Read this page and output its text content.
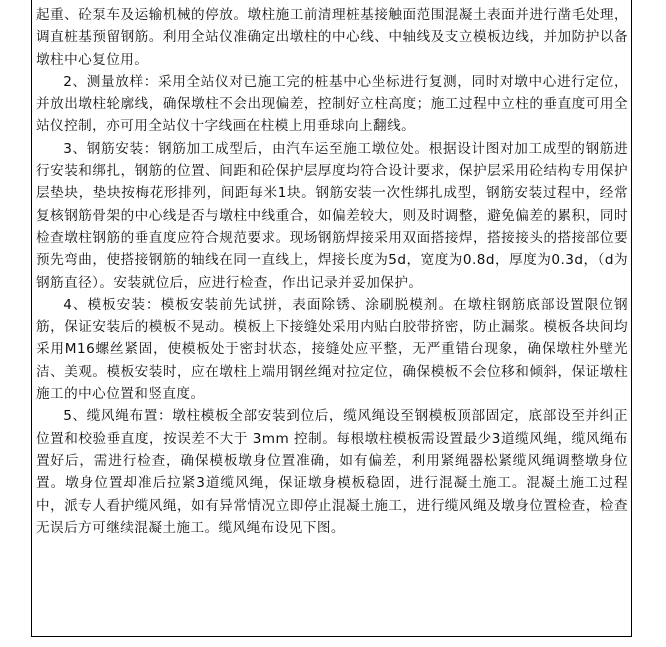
起重、砼泵车及运输机械的停放。墩柱施工前清理桩基接触面范围混凝土表面并进行凿毛处理，调直桩基预留钢筋。利用全站仪准确定出墩柱的中心线、中轴线及支立模板边线，并加防护以备墩柱中心复位用。

2、测量放样：采用全站仪对已施工完的桩基中心坐标进行复测，同时对墩中心进行定位，并放出墩柱轮廓线，确保墩柱不会出现偏差，控制好立柱高度；施工过程中立柱的垂直度可用全站仪控制，亦可用全站仪十字线画在柱模上用垂球向上翻线。

3、钢筋安装：钢筋加工成型后，由汽车运至施工墩位处。根据设计图对加工成型的钢筋进行安装和绑扎，钢筋的位置、间距和砼保护层厚度均符合设计要求，保护层采用砼结构专用保护层垫块，垫块按梅花形排列，间距每米1块。钢筋安装一次性绑扎成型，钢筋安装过程中，经常复核钢筋骨架的中心线是否与墩柱中线重合，如偏差较大，则及时调整，避免偏差的累积，同时检查墩柱钢筋的垂直度应符合规范要求。现场钢筋焊接采用双面搭接焊，搭接接头的搭接部位要预先弯曲，使搭接钢筋的轴线在同一直线上，焊接长度为5d，宽度为0.8d，厚度为0.3d，（d为钢筋直径）。安装就位后，应进行检查，作出记录并妥加保护。

4、模板安装：模板安装前先试拼，表面除锈、涂刷脱模剂。在墩柱钢筋底部设置限位钢筋，保证安装后的模板不晃动。模板上下接缝处采用内贴白胶带挤密，防止漏浆。模板各块间均采用M16螺丝紧固，使模板处于密封状态，接缝处应平整，无严重错台现象，确保墩柱外壁光洁、美观。模板安装时，应在墩柱上端用钢丝绳对拉定位，确保模板不会位移和倾斜，保证墩柱施工的中心位置和竖直度。

5、缆风绳布置：墩柱模板全部安装到位后，缆风绳设至钢模板顶部固定，底部设至并纠正位置和校验垂直度，按误差不大于 3mm 控制。每根墩柱模板需设置最少3道缆风绳，缆风绳布置好后，需进行检查，确保模板墩身位置准确，如有偏差，利用紧绳器松紧缆风绳调整墩身位置。墩身位置却准后拉紧3道缆风绳，保证墩身模板稳固，进行混凝土施工。混凝土施工过程中，派专人看护缆风绳，如有异常情况立即停止混凝土施工，进行缆风绳及墩身位置检查，检查无误后方可继续混凝土施工。缆风绳布设见下图。
